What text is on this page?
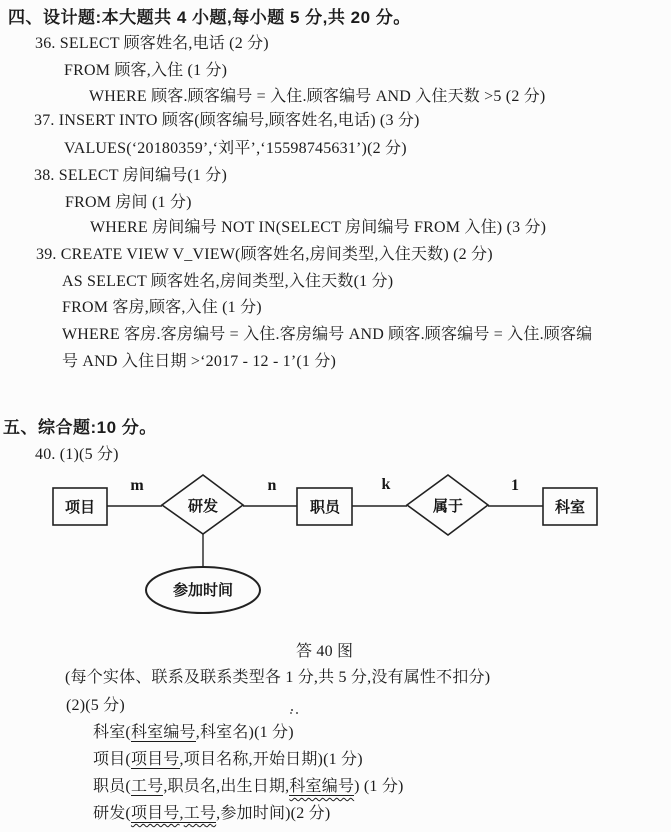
四、设计题:本大题共 4 小题,每小题 5 分,共 20 分。
36. SELECT 顾客姓名,电话 (2 分)
FROM 顾客,入住 (1 分)
WHERE 顾客.顾客编号 = 入住.顾客编号 AND 入住天数 >5 (2 分)
37. INSERT INTO 顾客(顾客编号,顾客姓名,电话) (3 分)
VALUES(‘20180359’,‘刘平’,‘15598745631’)(2 分)
38. SELECT 房间编号(1 分)
FROM 房间 (1 分)
WHERE 房间编号 NOT IN(SELECT 房间编号 FROM 入住) (3 分)
39. CREATE VIEW V_VIEW(顾客姓名,房间类型,入住天数) (2 分)
AS SELECT 顾客姓名,房间类型,入住天数(1 分)
FROM 客房,顾客,入住 (1 分)
WHERE 客房.客房编号 = 入住.客房编号 AND 顾客.顾客编号 = 入住.顾客编
号 AND 入住日期 >‘2017 - 12 - 1’(1 分)
五、综合题:10 分。
40. (1)(5 分)
项目	研发	职员	属于	科室
参加时间
m	n	k	1
答 40 图
(每个实体、联系及联系类型各 1 分,共 5 分,没有属性不扣分)
(2)(5 分)
科室(科室编号,科室名)(1 分)
项目(项目号,项目名称,开始日期)(1 分)
职员(工号,职员名,出生日期,科室编号) (1 分)
研发(项目号,工号,参加时间)(2 分)
